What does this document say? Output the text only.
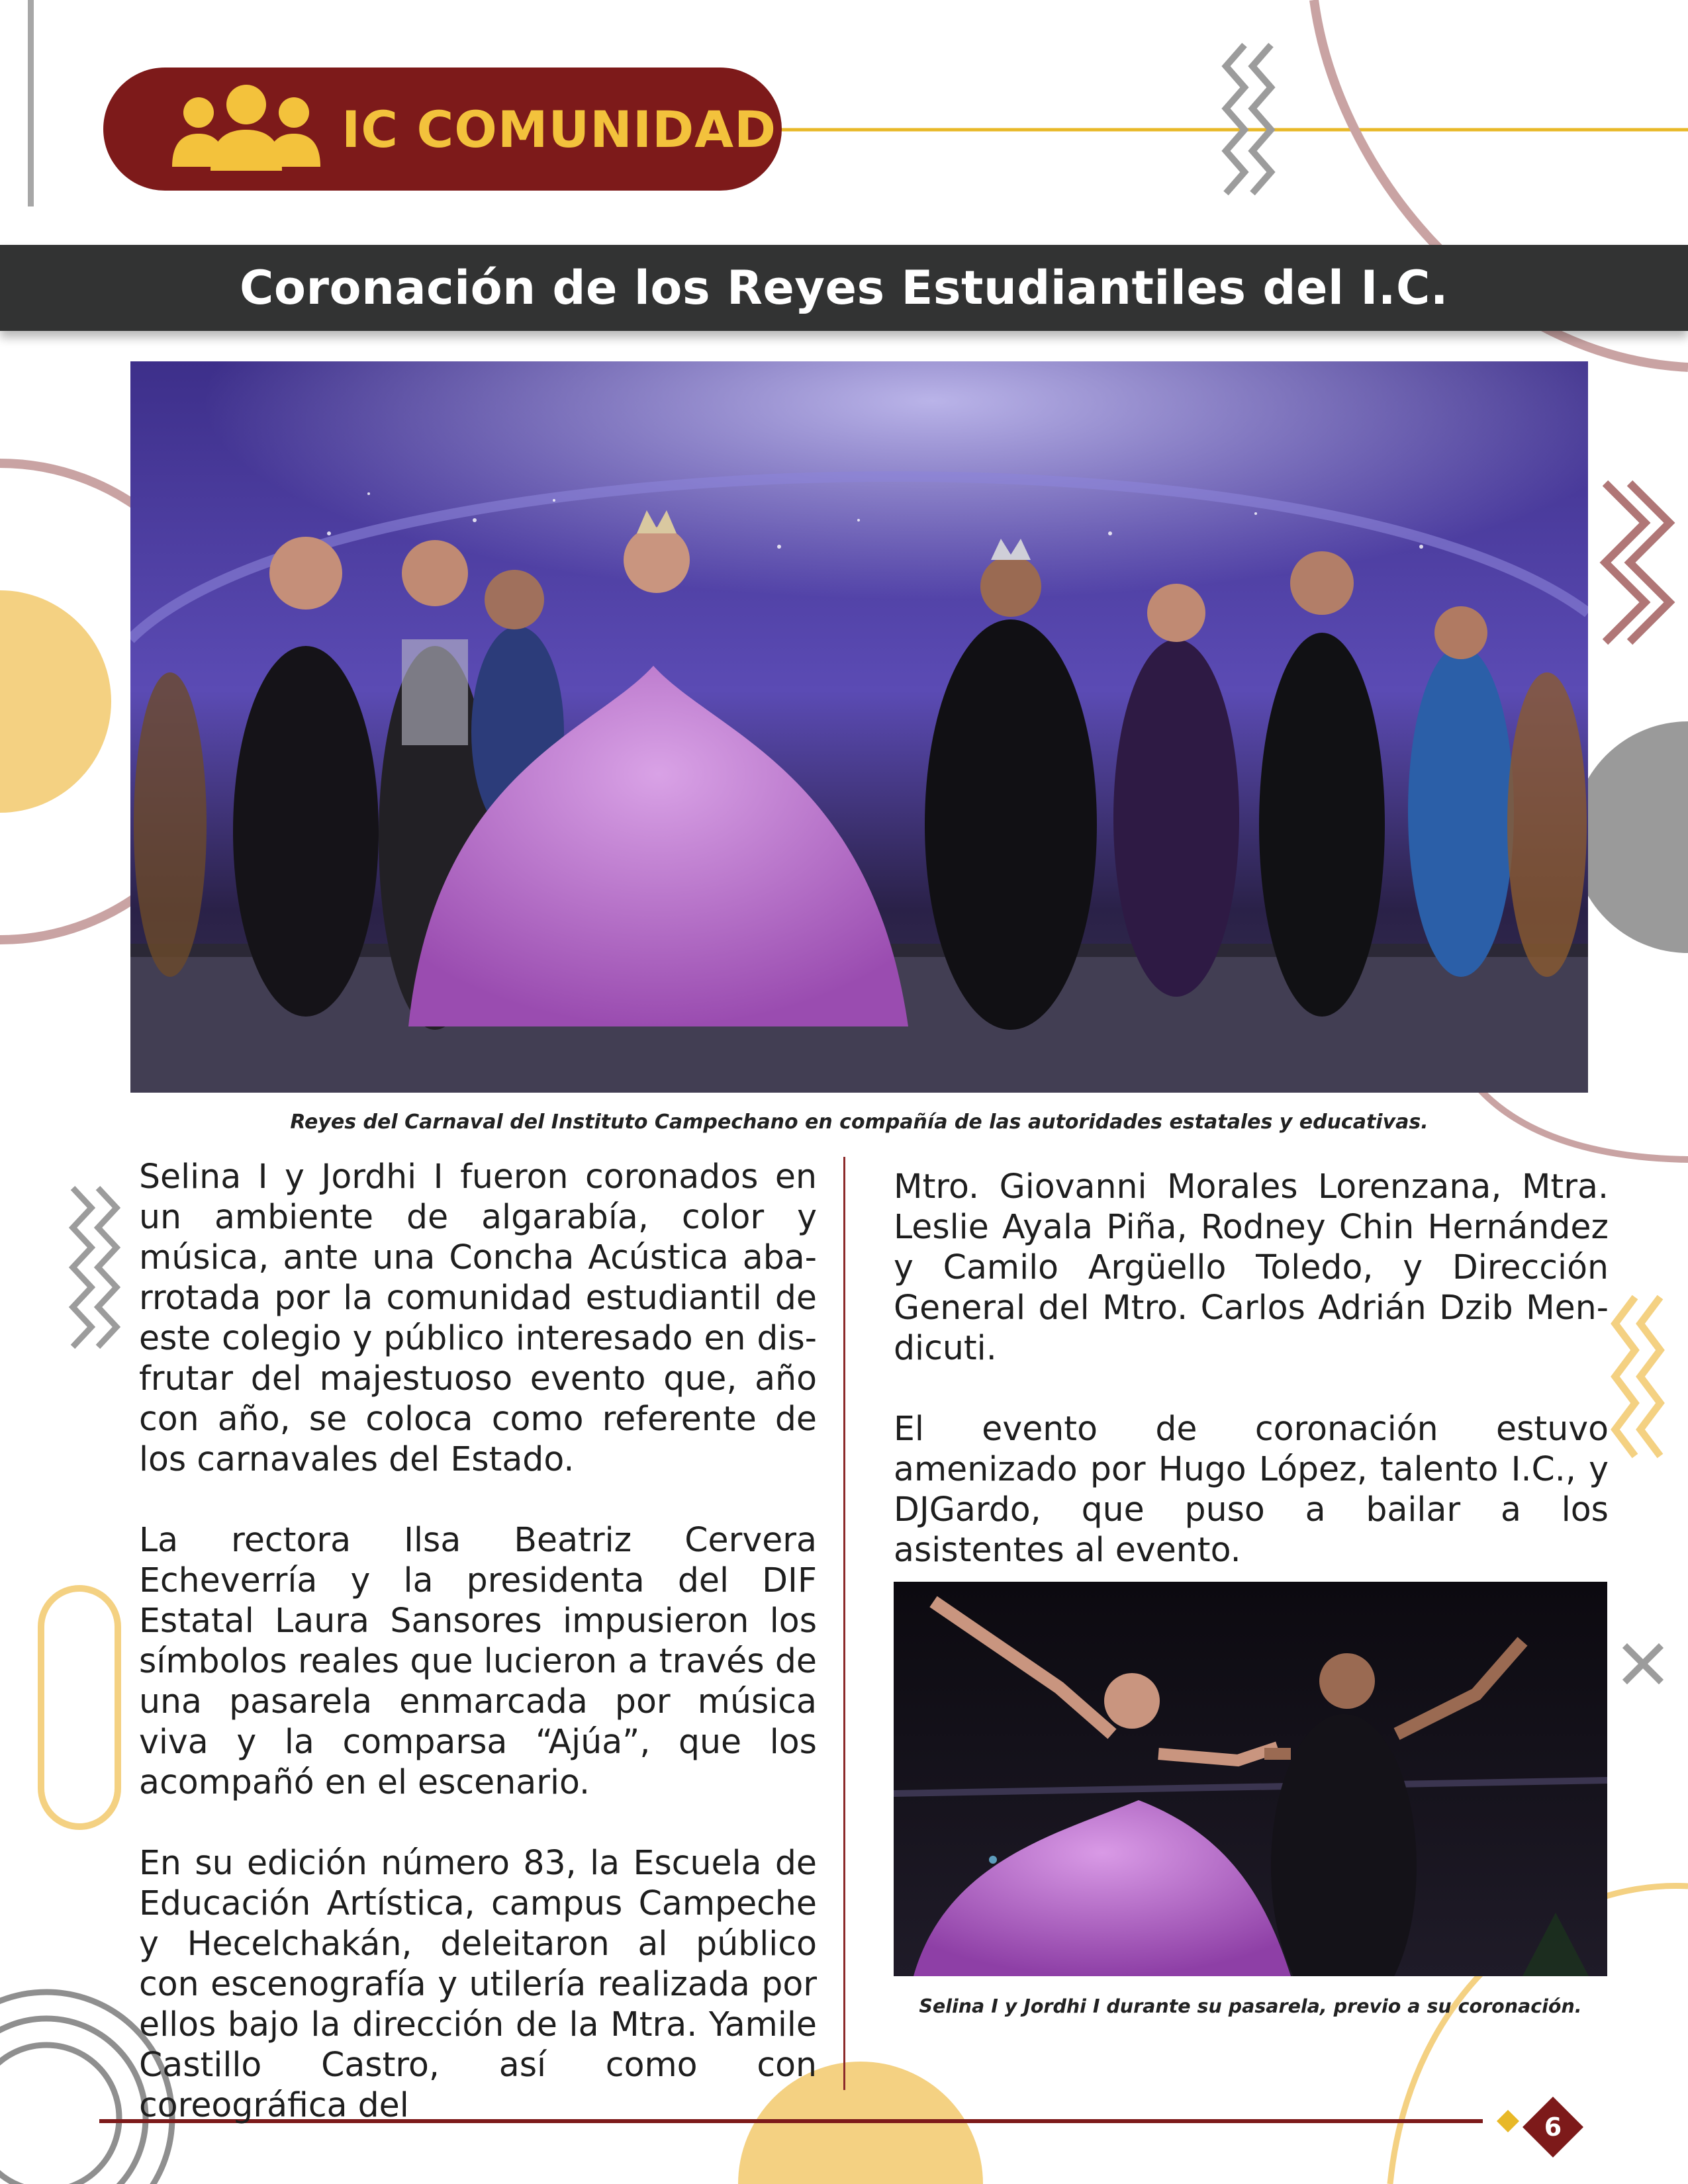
IC COMUNIDAD
Coronación de los Reyes Estudiantiles del I.C.
Reyes del Carnaval del Instituto Campechano en compañía de las autoridades estatales y educativas.

Selina I y Jordhi I fueron coronados en un ambiente de algarabía, color y música, ante una Concha Acústica abarrotada por la comunidad estudiantil de este colegio y público interesado en disfrutar del majestuoso evento que, año con año, se coloca como referente de los carnavales del Estado.

La rectora Ilsa Beatriz Cervera Echeverría y la presidenta del DIF Estatal Laura Sansores impusieron los símbolos reales que lucieron a través de una pasarela enmarcada por música viva y la comparsa “Ajúa”, que los acompañó en el escenario.

En su edición número 83, la Escuela de Educación Artística, campus Campeche y Hecelchakán, deleitaron al público con escenografía y utilería realizada por ellos bajo la dirección de la Mtra. Yamile Castillo Castro, así como con coreográfica del

Mtro. Giovanni Morales Lorenzana, Mtra. Leslie Ayala Piña, Rodney Chin Hernández y Camilo Argüello Toledo, y Dirección General del Mtro. Carlos Adrián Dzib Mendicuti.

El evento de coronación estuvo amenizado por Hugo López, talento I.C., y DJGardo, que puso a bailar a los asistentes al evento.

Selina I y Jordhi I durante su pasarela, previo a su coronación.
6
